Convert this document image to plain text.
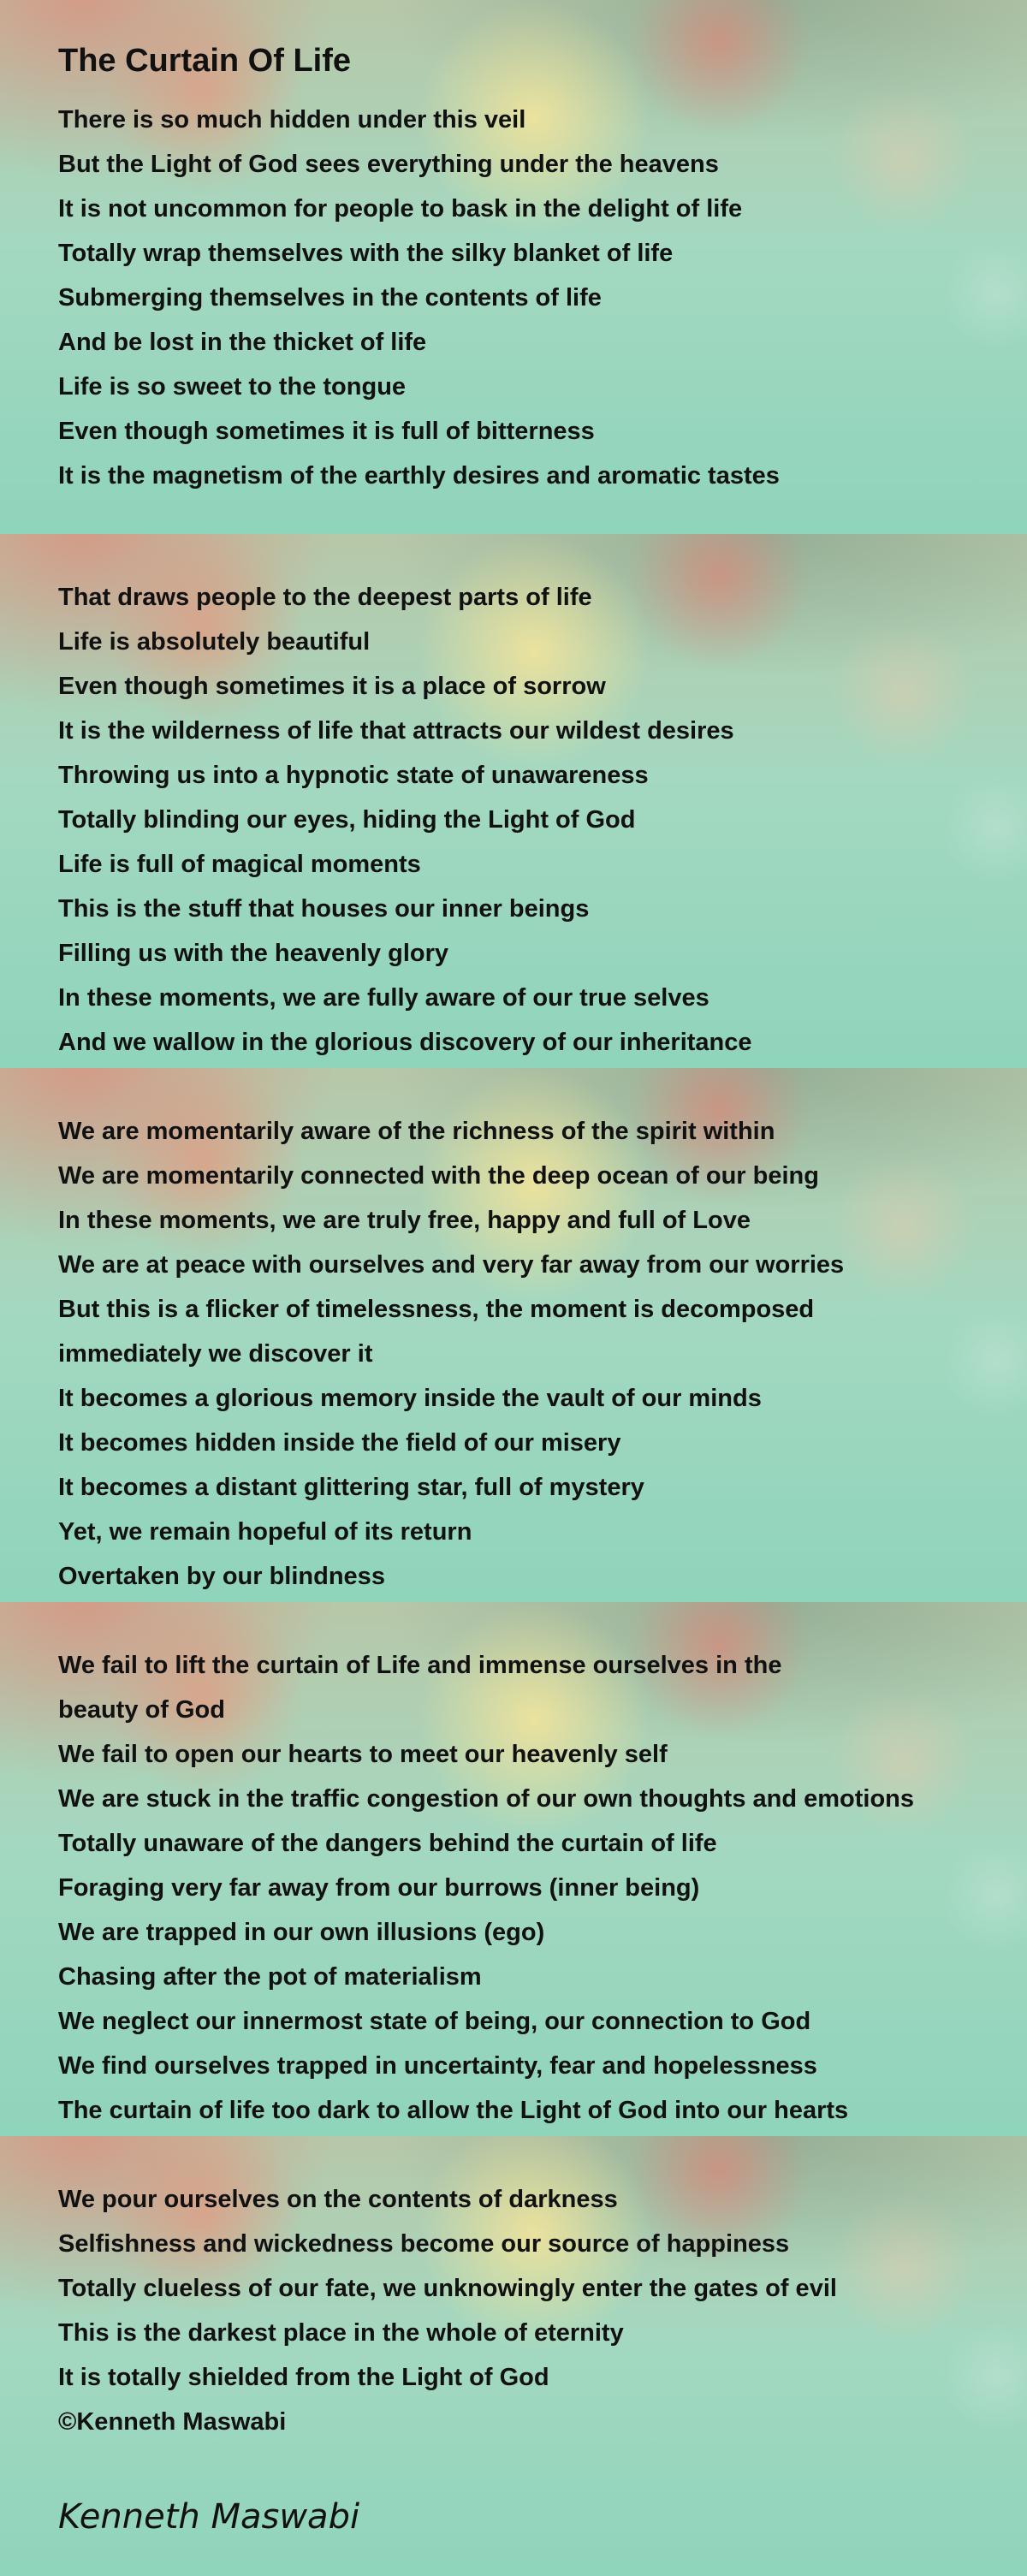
The Curtain Of Life
There is so much hidden under this veil
But the Light of God sees everything under the heavens
It is not uncommon for people to bask in the delight of life
Totally wrap themselves with the silky blanket of life
Submerging themselves in the contents of life
And be lost in the thicket of life
Life is so sweet to the tongue
Even though sometimes it is full of bitterness
It is the magnetism of the earthly desires and aromatic tastes
That draws people to the deepest parts of life
Life is absolutely beautiful
Even though sometimes it is a place of sorrow
It is the wilderness of life that attracts our wildest desires
Throwing us into a hypnotic state of unawareness
Totally blinding our eyes, hiding the Light of God
Life is full of magical moments
This is the stuff that houses our inner beings
Filling us with the heavenly glory
In these moments, we are fully aware of our true selves
And we wallow in the glorious discovery of our inheritance
We are momentarily aware of the richness of the spirit within
We are momentarily connected with the deep ocean of our being
In these moments, we are truly free, happy and full of Love
We are at peace with ourselves and very far away from our worries
But this is a flicker of timelessness, the moment is decomposed
immediately we discover it
It becomes a glorious memory inside the vault of our minds
It becomes hidden inside the field of our misery
It becomes a distant glittering star, full of mystery
Yet, we remain hopeful of its return
Overtaken by our blindness
We fail to lift the curtain of Life and immense ourselves in the
beauty of God
We fail to open our hearts to meet our heavenly self
We are stuck in the traffic congestion of our own thoughts and emotions
Totally unaware of the dangers behind the curtain of life
Foraging very far away from our burrows (inner being)
We are trapped in our own illusions (ego)
Chasing after the pot of materialism
We neglect our innermost state of being, our connection to God
We find ourselves trapped in uncertainty, fear and hopelessness
The curtain of life too dark to allow the Light of God into our hearts
We pour ourselves on the contents of darkness
Selfishness and wickedness become our source of happiness
Totally clueless of our fate, we unknowingly enter the gates of evil
This is the darkest place in the whole of eternity
It is totally shielded from the Light of God
©Kenneth Maswabi
Kenneth Maswabi
